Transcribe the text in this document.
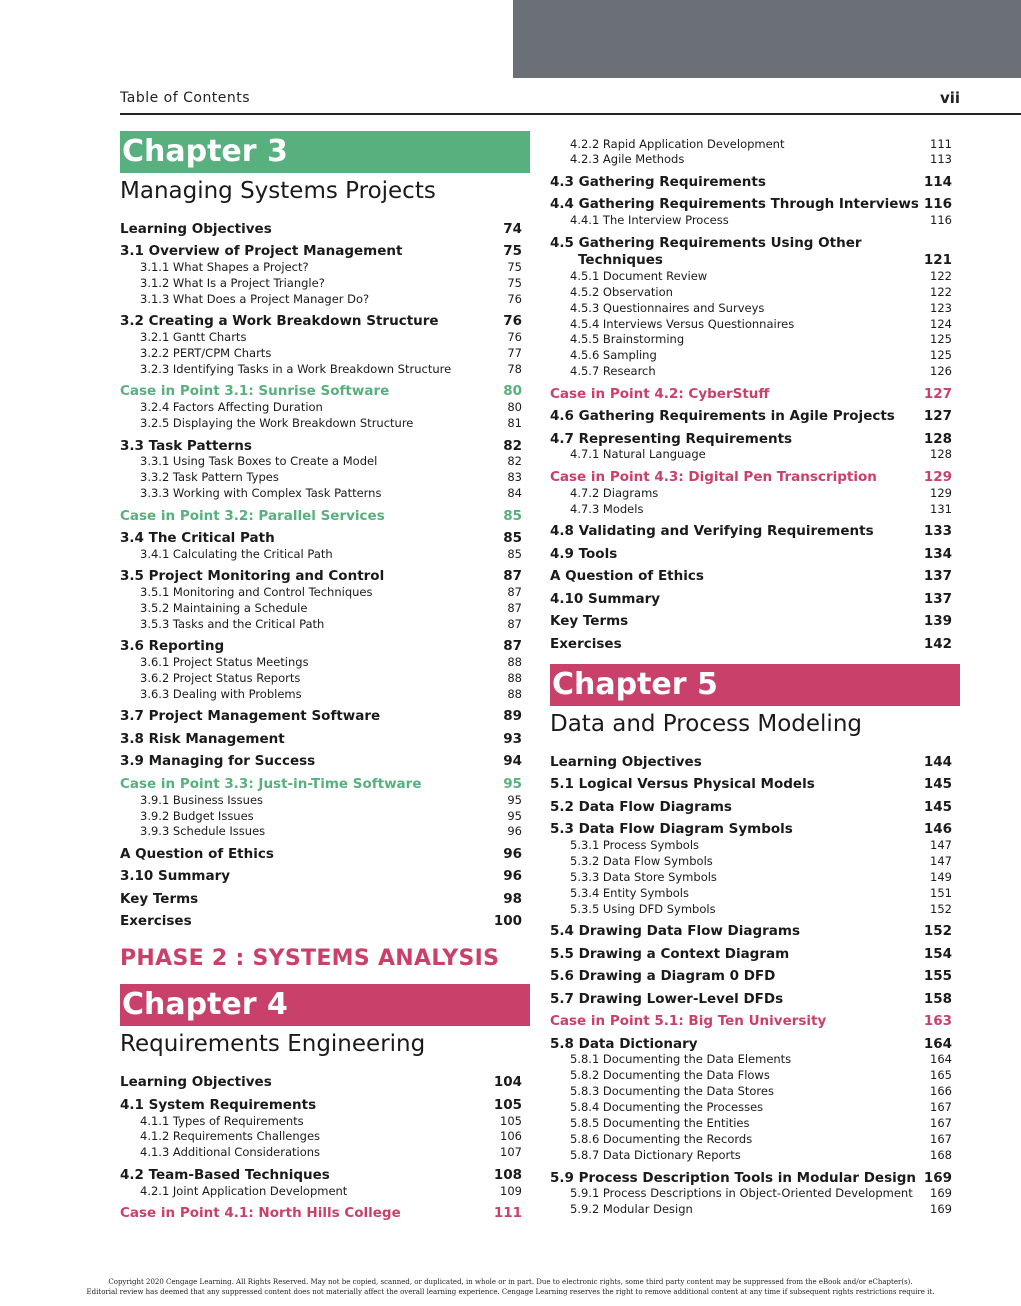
Table of Contents	vii
Chapter 3
Managing Systems Projects
Learning Objectives	74
3.1 Overview of Project Management	75
3.1.1 What Shapes a Project?	75
3.1.2 What Is a Project Triangle?	75
3.1.3 What Does a Project Manager Do?	76
3.2 Creating a Work Breakdown Structure	76
3.2.1 Gantt Charts	76
3.2.2 PERT/CPM Charts	77
3.2.3 Identifying Tasks in a Work Breakdown Structure	78
Case in Point 3.1: Sunrise Software	80
3.2.4 Factors Affecting Duration	80
3.2.5 Displaying the Work Breakdown Structure	81
3.3 Task Patterns	82
3.3.1 Using Task Boxes to Create a Model	82
3.3.2 Task Pattern Types	83
3.3.3 Working with Complex Task Patterns	84
Case in Point 3.2: Parallel Services	85
3.4 The Critical Path	85
3.4.1 Calculating the Critical Path	85
3.5 Project Monitoring and Control	87
3.5.1 Monitoring and Control Techniques	87
3.5.2 Maintaining a Schedule	87
3.5.3 Tasks and the Critical Path	87
3.6 Reporting	87
3.6.1 Project Status Meetings	88
3.6.2 Project Status Reports	88
3.6.3 Dealing with Problems	88
3.7 Project Management Software	89
3.8 Risk Management	93
3.9 Managing for Success	94
Case in Point 3.3: Just-in-Time Software	95
3.9.1 Business Issues	95
3.9.2 Budget Issues	95
3.9.3 Schedule Issues	96
A Question of Ethics	96
3.10 Summary	96
Key Terms	98
Exercises	100
PHASE 2 : SYSTEMS ANALYSIS
Chapter 4
Requirements Engineering
Learning Objectives	104
4.1 System Requirements	105
4.1.1 Types of Requirements	105
4.1.2 Requirements Challenges	106
4.1.3 Additional Considerations	107
4.2 Team-Based Techniques	108
4.2.1 Joint Application Development	109
Case in Point 4.1: North Hills College	111
4.2.2 Rapid Application Development	111
4.2.3 Agile Methods	113
4.3 Gathering Requirements	114
4.4 Gathering Requirements Through Interviews 116
4.4.1 The Interview Process	116
4.5 Gathering Requirements Using Other
Techniques	121
4.5.1 Document Review	122
4.5.2 Observation	122
4.5.3 Questionnaires and Surveys	123
4.5.4 Interviews Versus Questionnaires	124
4.5.5 Brainstorming	125
4.5.6 Sampling	125
4.5.7 Research	126
Case in Point 4.2: CyberStuff	127
4.6 Gathering Requirements in Agile Projects 127
4.7 Representing Requirements	128
4.7.1 Natural Language	128
Case in Point 4.3: Digital Pen Transcription	129
4.7.2 Diagrams	129
4.7.3 Models	131
4.8 Validating and Verifying Requirements	133
4.9 Tools	134
A Question of Ethics	137
4.10 Summary	137
Key Terms	139
Exercises	142
Chapter 5
Data and Process Modeling
Learning Objectives	144
5.1 Logical Versus Physical Models	145
5.2 Data Flow Diagrams	145
5.3 Data Flow Diagram Symbols	146
5.3.1 Process Symbols	147
5.3.2 Data Flow Symbols	147
5.3.3 Data Store Symbols	149
5.3.4 Entity Symbols	151
5.3.5 Using DFD Symbols	152
5.4 Drawing Data Flow Diagrams	152
5.5 Drawing a Context Diagram	154
5.6 Drawing a Diagram 0 DFD	155
5.7 Drawing Lower-Level DFDs	158
Case in Point 5.1: Big Ten University	163
5.8 Data Dictionary	164
5.8.1 Documenting the Data Elements	164
5.8.2 Documenting the Data Flows	165
5.8.3 Documenting the Data Stores	166
5.8.4 Documenting the Processes	167
5.8.5 Documenting the Entities	167
5.8.6 Documenting the Records	167
5.8.7 Data Dictionary Reports	168
5.9 Process Description Tools in Modular Design 169
5.9.1 Process Descriptions in Object-Oriented Development 169
5.9.2 Modular Design	169
Copyright 2020 Cengage Learning. All Rights Reserved. May not be copied, scanned, or duplicated, in whole or in part. Due to electronic rights, some third party content may be suppressed from the eBook and/or eChapter(s).
Editorial review has deemed that any suppressed content does not materially affect the overall learning experience. Cengage Learning reserves the right to remove additional content at any time if subsequent rights restrictions require it.
